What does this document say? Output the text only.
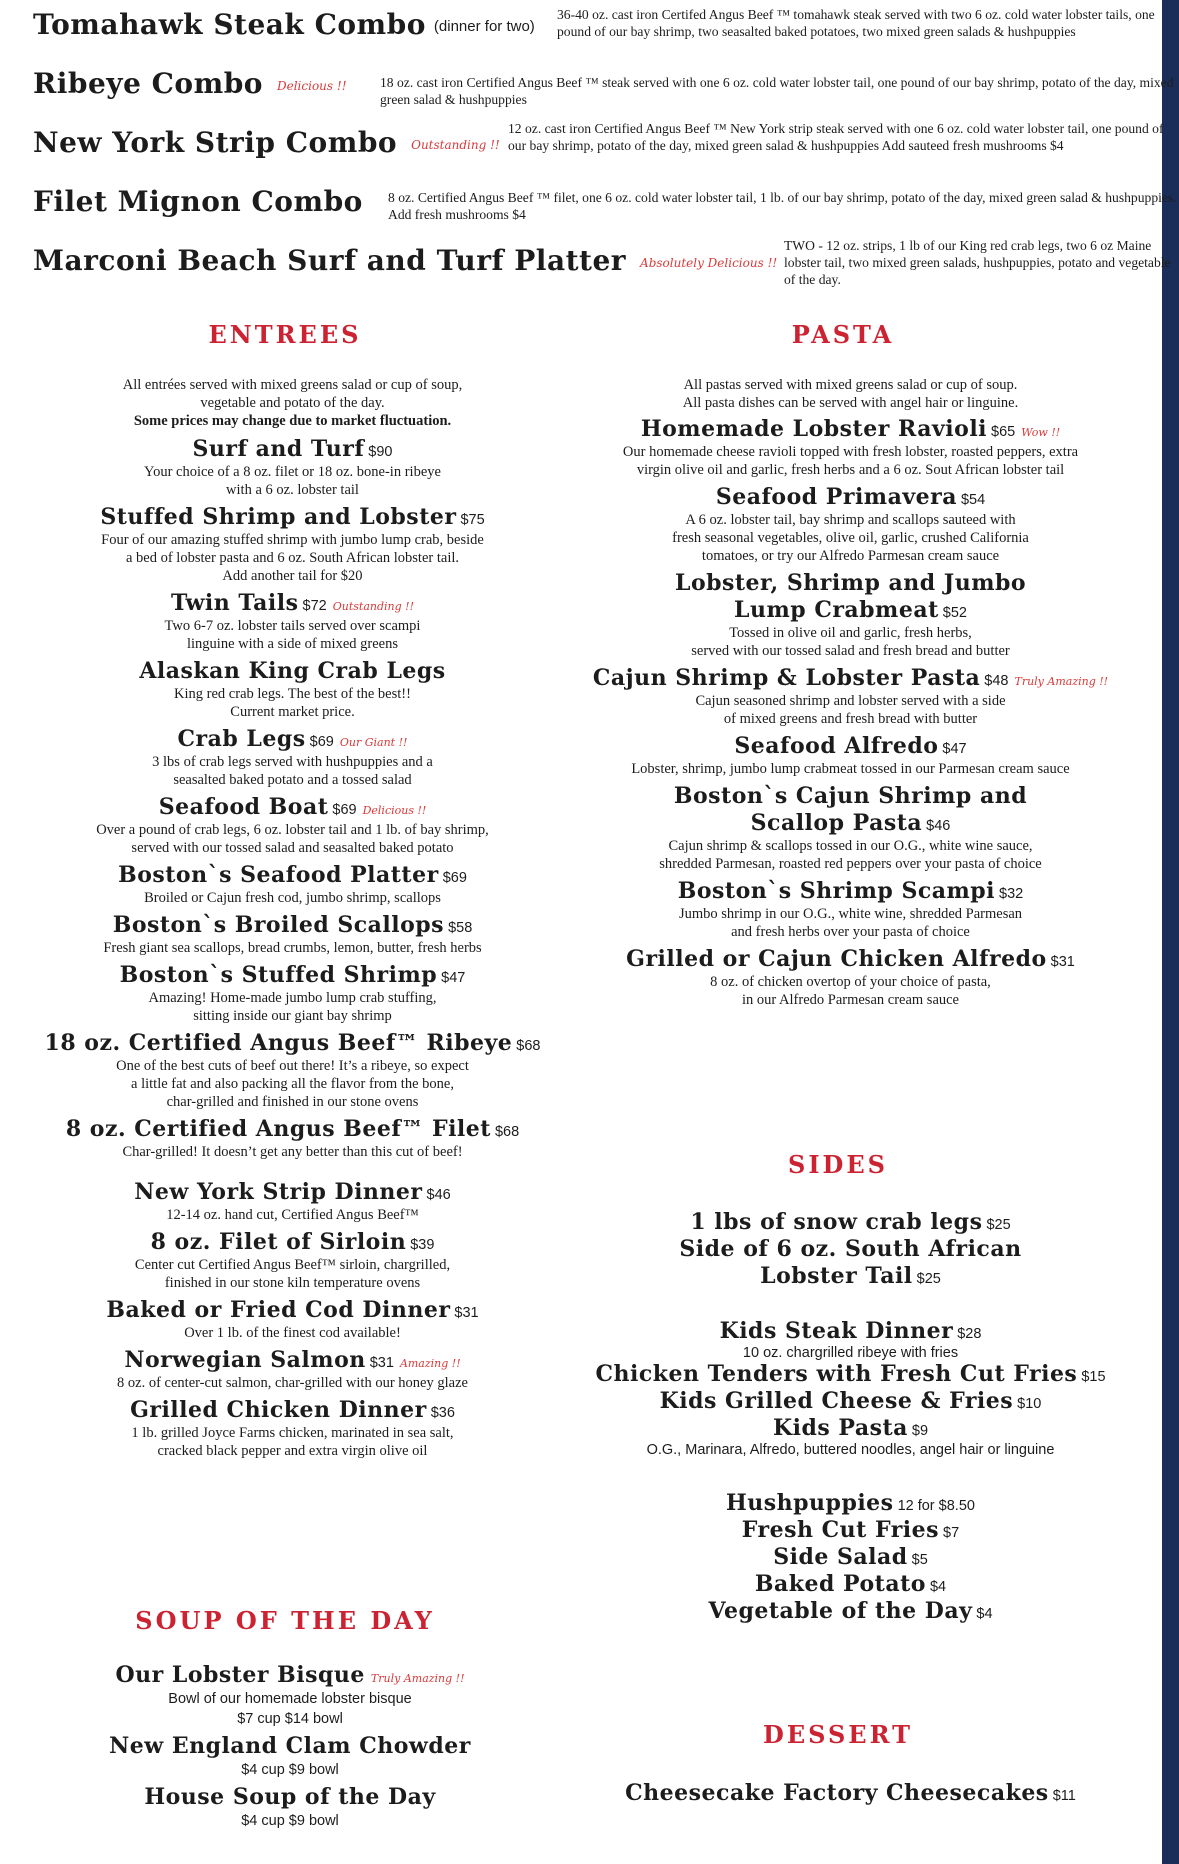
Tomahawk Steak Combo (dinner for two)
36-40 oz. cast iron Certifed Angus Beef ™ tomahawk steak served with two 6 oz. cold water lobster tails, one pound of our bay shrimp, two seasalted baked potatoes, two mixed green salads & hushpuppies
Ribeye Combo Delicious !! 18 oz. cast iron Certified Angus Beef ™ steak served with one 6 oz. cold water lobster tail, one pound of our bay shrimp, potato of the day, mixed green salad & hushpuppies
New York Strip Combo Outstanding !!
12 oz. cast iron Certified Angus Beef ™ New York strip steak served with one 6 oz. cold water lobster tail, one pound of our bay shrimp, potato of the day, mixed green salad & hushpuppies Add sauteed fresh mushrooms $4
Filet Mignon Combo 8 oz. Certified Angus Beef ™ filet, one 6 oz. cold water lobster tail, 1 lb. of our bay shrimp, potato of the day, mixed green salad & hushpuppies. Add fresh mushrooms $4
Marconi Beach Surf and Turf Platter Absolutely Delicious !!
TWO - 12 oz. strips, 1 lb of our King red crab legs, two 6 oz Maine lobster tail, two mixed green salads, hushpuppies, potato and vegetable of the day.
ENTREES	PASTA
SIDES
DESSERT
SOUP OF THE DAY
All entrées served with mixed greens salad or cup of soup,
vegetable and potato of the day.
Some prices may change due to market fluctuation.
Surf and Turf $90
Your choice of a 8 oz. filet or 18 oz. bone-in ribeye
with a 6 oz. lobster tail
Stuffed Shrimp and Lobster $75
Four of our amazing stuffed shrimp with jumbo lump crab, beside
a bed of lobster pasta and 6 oz. South African lobster tail.
Add another tail for $20
Twin Tails $72 Outstanding !!
Two 6-7 oz. lobster tails served over scampi
linguine with a side of mixed greens
Alaskan King Crab Legs
King red crab legs. The best of the best!!
Current market price.
Crab Legs $69 Our Giant !!
3 lbs of crab legs served with hushpuppies and a
seasalted baked potato and a tossed salad
Seafood Boat $69 Delicious !!
Over a pound of crab legs, 6 oz. lobster tail and 1 lb. of bay shrimp,
served with our tossed salad and seasalted baked potato
Boston`s Seafood Platter $69
Broiled or Cajun fresh cod, jumbo shrimp, scallops
Boston`s Broiled Scallops $58
Fresh giant sea scallops, bread crumbs, lemon, butter, fresh herbs
Boston`s Stuffed Shrimp $47
Amazing! Home-made jumbo lump crab stuffing,
sitting inside our giant bay shrimp
18 oz. Certified Angus Beef™ Ribeye $68
One of the best cuts of beef out there! It’s a ribeye, so expect
a little fat and also packing all the flavor from the bone,
char-grilled and finished in our stone ovens
8 oz. Certified Angus Beef™ Filet $68
Char-grilled! It doesn’t get any better than this cut of beef!
New York Strip Dinner $46
12-14 oz. hand cut, Certified Angus Beef™
8 oz. Filet of Sirloin $39
Center cut Certified Angus Beef™ sirloin, chargrilled,
finished in our stone kiln temperature ovens
Baked or Fried Cod Dinner $31
Over 1 lb. of the finest cod available!
Norwegian Salmon $31 Amazing !!
8 oz. of center-cut salmon, char-grilled with our honey glaze
Grilled Chicken Dinner $36
1 lb. grilled Joyce Farms chicken, marinated in sea salt,
cracked black pepper and extra virgin olive oil
Our Lobster Bisque Truly Amazing !!
Bowl of our homemade lobster bisque
$7 cup $14 bowl
New England Clam Chowder
$4 cup $9 bowl
House Soup of the Day
$4 cup $9 bowl
All pastas served with mixed greens salad or cup of soup.
All pasta dishes can be served with angel hair or linguine.
Homemade Lobster Ravioli $65 Wow !!
Our homemade cheese ravioli topped with fresh lobster, roasted peppers, extra
virgin olive oil and garlic, fresh herbs and a 6 oz. Sout African lobster tail
Seafood Primavera $54
A 6 oz. lobster tail, bay shrimp and scallops sauteed with
fresh seasonal vegetables, olive oil, garlic, crushed California
tomatoes, or try our Alfredo Parmesan cream sauce
Lobster, Shrimp and Jumbo
Lump Crabmeat $52
Tossed in olive oil and garlic, fresh herbs,
served with our tossed salad and fresh bread and butter
Cajun Shrimp & Lobster Pasta $48 Truly Amazing !!
Cajun seasoned shrimp and lobster served with a side
of mixed greens and fresh bread with butter
Seafood Alfredo $47
Lobster, shrimp, jumbo lump crabmeat tossed in our Parmesan cream sauce
Boston`s Cajun Shrimp and
Scallop Pasta $46
Cajun shrimp & scallops tossed in our O.G., white wine sauce,
shredded Parmesan, roasted red peppers over your pasta of choice
Boston`s Shrimp Scampi $32
Jumbo shrimp in our O.G., white wine, shredded Parmesan
and fresh herbs over your pasta of choice
Grilled or Cajun Chicken Alfredo $31
8 oz. of chicken overtop of your choice of pasta,
in our Alfredo Parmesan cream sauce
1 lbs of snow crab legs $25
Side of 6 oz. South African
Lobster Tail $25
Kids Steak Dinner $28
10 oz. chargrilled ribeye with fries
Chicken Tenders with Fresh Cut Fries $15
Kids Grilled Cheese & Fries $10
Kids Pasta $9
O.G., Marinara, Alfredo, buttered noodles, angel hair or linguine
Hushpuppies 12 for $8.50
Fresh Cut Fries $7
Side Salad $5
Baked Potato $4
Vegetable of the Day $4
Cheesecake Factory Cheesecakes $11
